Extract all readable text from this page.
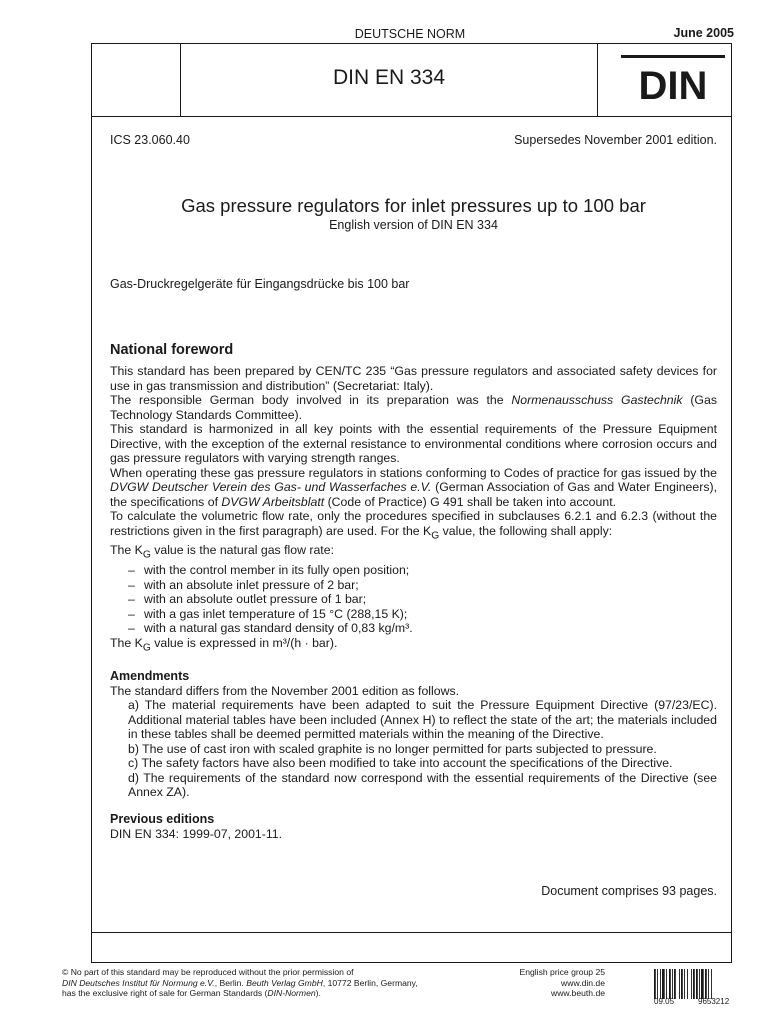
DEUTSCHE NORM	June 2005
DIN EN 334	DIN
ICS 23.060.40	Supersedes November 2001 edition.
Gas pressure regulators for inlet pressures up to 100 bar
English version of DIN EN 334
Gas-Druckregelgeräte für Eingangsdrücke bis 100 bar
National foreword

This standard has been prepared by CEN/TC 235 “Gas pressure regulators and associated safety devices for use in gas transmission and distribution” (Secretariat: Italy).

The responsible German body involved in its preparation was the Normenausschuss Gastechnik (Gas Technology Standards Committee).

This standard is harmonized in all key points with the essential requirements of the Pressure Equipment Directive, with the exception of the external resistance to environmental conditions where corrosion occurs and gas pressure regulators with varying strength ranges.

When operating these gas pressure regulators in stations conforming to Codes of practice for gas issued by the DVGW Deutscher Verein des Gas- und Wasserfaches e.V. (German Association of Gas and Water Engineers), the specifications of DVGW Arbeitsblatt (Code of Practice) G 491 shall be taken into account.

To calculate the volumetric flow rate, only the procedures specified in subclauses 6.2.1 and 6.2.3 (without the restrictions given in the first paragraph) are used. For the $K_G$ value, the following shall apply:

The $K_G$ value is the natural gas flow rate:

– with the control member in its fully open position;
– with an absolute inlet pressure of 2 bar;
– with an absolute outlet pressure of 1 bar;
– with a gas inlet temperature of 15 °C (288,15 K);
– with a natural gas standard density of 0,83 kg/m³.

The $K_G$ value is expressed in m³/(h · bar).

Amendments

The standard differs from the November 2001 edition as follows.

a) The material requirements have been adapted to suit the Pressure Equipment Directive (97/23/EC). Additional material tables have been included (Annex H) to reflect the state of the art; the materials included in these tables shall be deemed permitted materials within the meaning of the Directive.

b) The use of cast iron with scaled graphite is no longer permitted for parts subjected to pressure.

c) The safety factors have also been modified to take into account the specifications of the Directive.

d) The requirements of the standard now correspond with the essential requirements of the Directive (see Annex ZA).

Previous editions

DIN EN 334: 1999-07, 2001-11.

Document comprises 93 pages.
© No part of this standard may be reproduced without the prior permission of
DIN Deutsches Institut für Normung e.V., Berlin. Beuth Verlag GmbH, 10772 Berlin, Germany,
has the exclusive right of sale for German Standards (DIN-Normen).
English price group 25
www.din.de
www.beuth.de
09.05	9653212
